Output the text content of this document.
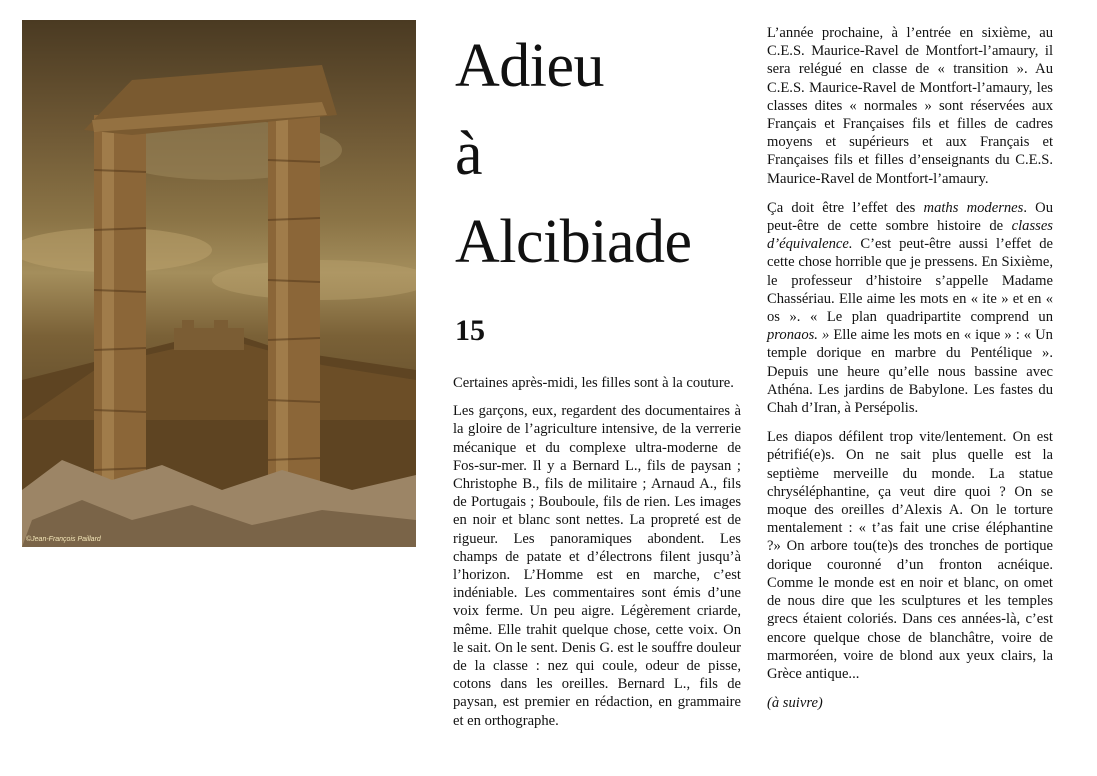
©Jean-François Paillard
Adieu
à
Alcibiade
15

Certaines après-midi, les filles sont à la couture.

Les garçons, eux, regardent des documentaires à la gloire de l’agriculture intensive, de la verrerie mécanique et du complexe ultra-moderne de Fos-sur-mer. Il y a Bernard L., fils de paysan ; Christophe B., fils de militaire ; Arnaud A., fils de Portugais ; Bouboule, fils de rien. Les images en noir et blanc sont nettes. La propreté est de rigueur. Les panoramiques abondent. Les champs de patate et d’électrons filent jusqu’à l’horizon. L’Homme est en marche, c’est indéniable. Les commentaires sont émis d’une voix ferme. Un peu aigre. Légèrement criarde, même. Elle trahit quelque chose, cette voix. On le sait. On le sent. Denis G. est le souffre douleur de la classe : nez qui coule, odeur de pisse, cotons dans les oreilles. Bernard L., fils de paysan, est premier en rédaction, en grammaire et en orthographe.

L’année prochaine, à l’entrée en sixième, au C.E.S. Maurice-Ravel de Montfort-l’amaury, il sera relégué en classe de « transition ». Au C.E.S. Maurice-Ravel de Montfort-l’amaury, les classes dites « normales » sont réservées aux Français et Françaises fils et filles de cadres moyens et supérieurs et aux Français et Françaises fils et filles d’enseignants du C.E.S. Maurice-Ravel de Montfort-l’amaury.

Ça doit être l’effet des maths modernes. Ou peut-être de cette sombre histoire de classes d’équivalence. C’est peut-être aussi l’effet de cette chose horrible que je pressens. En Sixième, le professeur d’histoire s’appelle Madame Chassériau. Elle aime les mots en « ite » et en « os ». « Le plan quadripartite comprend un pronaos. » Elle aime les mots en « ique » : « Un temple dorique en marbre du Pentélique ». Depuis une heure qu’elle nous bassine avec Athéna. Les jardins de Babylone. Les fastes du Chah d’Iran, à Persépolis.

Les diapos défilent trop vite/lentement. On est pétrifié(e)s. On ne sait plus quelle est la septième merveille du monde. La statue chryséléphantine, ça veut dire quoi ? On se moque des oreilles d’Alexis A. On le torture mentalement : « t’as fait une crise éléphantine ?» On arbore tou(te)s des tronches de portique dorique couronné d’un fronton acnéique. Comme le monde est en noir et blanc, on omet de nous dire que les sculptures et les temples grecs étaient coloriés. Dans ces années-là, c’est encore quelque chose de blanchâtre, voire de marmoréen, voire de blond aux yeux clairs, la Grèce antique...

(à suivre)
